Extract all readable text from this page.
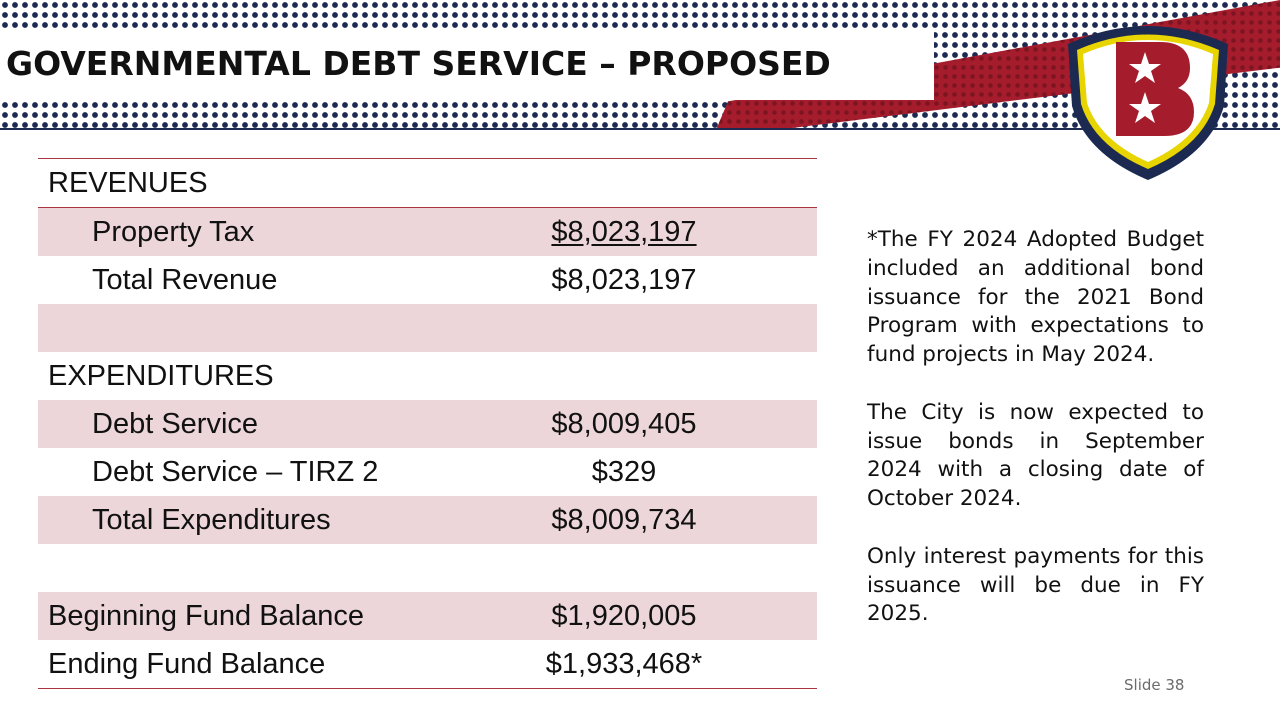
GOVERNMENTAL DEBT SERVICE – PROPOSED
REVENUES
Property Tax	$8,023,197
Total Revenue	$8,023,197
EXPENDITURES
Debt Service	$8,009,405
Debt Service – TIRZ 2	$329
Total Expenditures	$8,009,734
Beginning Fund Balance	$1,920,005
Ending Fund Balance	$1,933,468*

*The FY 2024 Adopted Budget included an additional bond issuance for the 2021 Bond Program with expectations to fund projects in May 2024.

The City is now expected to issue bonds in September 2024 with a closing date of October 2024.

Only interest payments for this issuance will be due in FY 2025.

Slide 38
